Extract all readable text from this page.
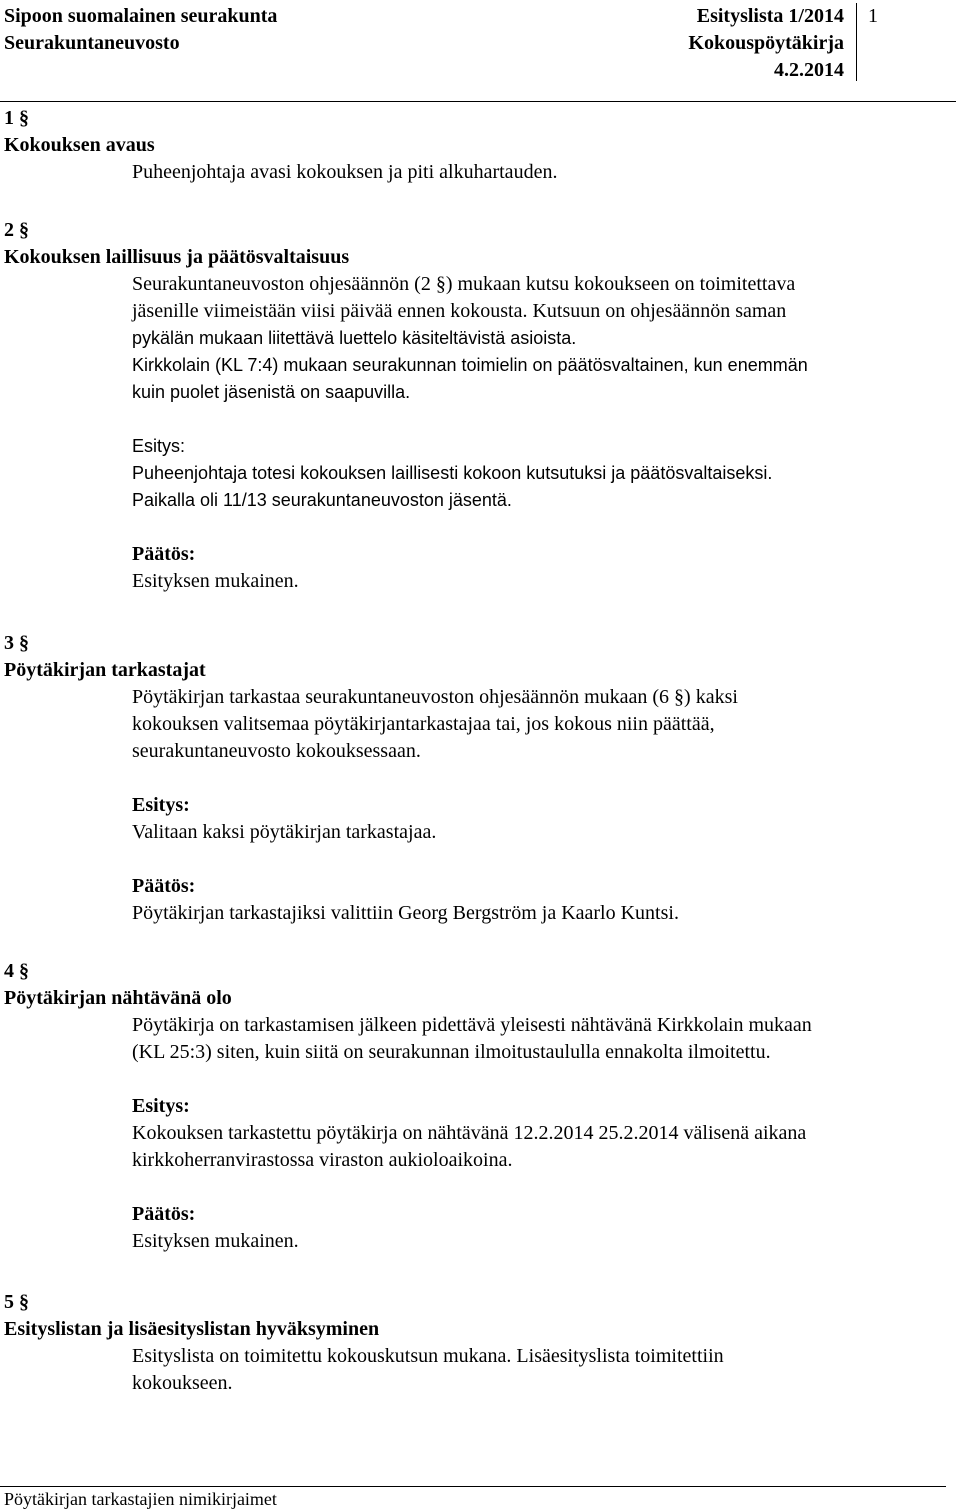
Sipoon suomalainen seurakunta
Seurakuntaneuvosto
Esityslista 1/2014
Kokouspöytäkirja
4.2.2014
1
1 §
Kokouksen avaus
Puheenjohtaja avasi kokouksen ja piti alkuhartauden.
2 §
Kokouksen laillisuus ja päätösvaltaisuus
Seurakuntaneuvoston ohjesäännön (2 §) mukaan kutsu kokoukseen on toimitettava
jäsenille viimeistään viisi päivää ennen kokousta. Kutsuun on ohjesäännön saman
pykälän mukaan liitettävä luettelo käsiteltävistä asioista.
Kirkkolain (KL 7:4) mukaan seurakunnan toimielin on päätösvaltainen, kun enemmän
kuin puolet jäsenistä on saapuvilla.
Esitys:
Puheenjohtaja totesi kokouksen laillisesti kokoon kutsutuksi ja päätösvaltaiseksi.
Paikalla oli 11/13 seurakuntaneuvoston jäsentä.
Päätös:
Esityksen mukainen.
3 §
Pöytäkirjan tarkastajat
Pöytäkirjan tarkastaa seurakuntaneuvoston ohjesäännön mukaan (6 §) kaksi
kokouksen valitsemaa pöytäkirjantarkastajaa tai, jos kokous niin päättää,
seurakuntaneuvosto kokouksessaan.
Esitys:
Valitaan kaksi pöytäkirjan tarkastajaa.
Päätös:
Pöytäkirjan tarkastajiksi valittiin Georg Bergström ja Kaarlo Kuntsi.
4 §
Pöytäkirjan nähtävänä olo
Pöytäkirja on tarkastamisen jälkeen pidettävä yleisesti nähtävänä Kirkkolain mukaan
(KL 25:3) siten, kuin siitä on seurakunnan ilmoitustaululla ennakolta ilmoitettu.
Esitys:
Kokouksen tarkastettu pöytäkirja on nähtävänä 12.2.2014 25.2.2014 välisenä aikana
kirkkoherranvirastossa viraston aukioloaikoina.
Päätös:
Esityksen mukainen.
5 §
Esityslistan ja lisäesityslistan hyväksyminen
Esityslista on toimitettu kokouskutsun mukana. Lisäesityslista toimitettiin
kokoukseen.
Pöytäkirjan tarkastajien nimikirjaimet
